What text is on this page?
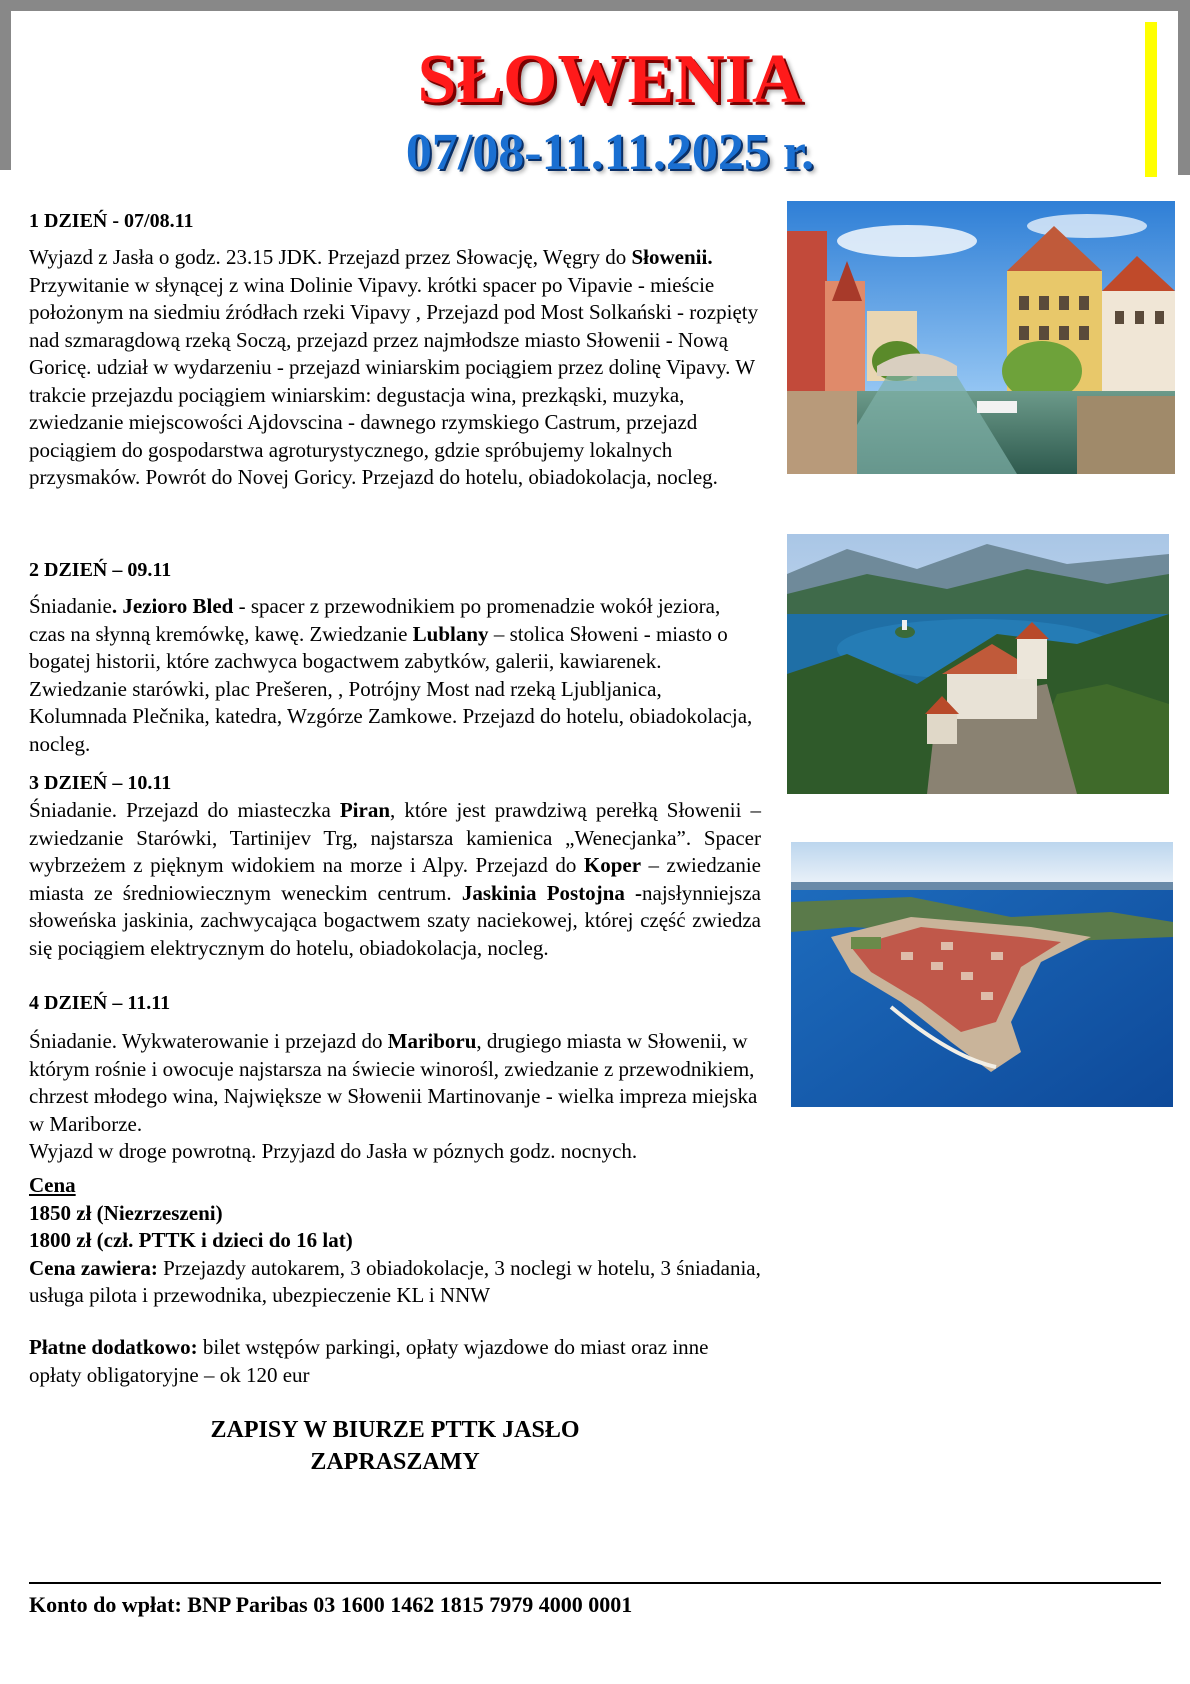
SŁOWENIA
07/08-11.11.2025 r.
1 DZIEŃ - 07/08.11
Wyjazd z Jasła o godz. 23.15 JDK. Przejazd przez Słowację, Węgry do Słowenii. Przywitanie w słynącej z wina Dolinie Vipavy. krótki spacer po Vipavie - mieście położonym na siedmiu źródłach rzeki Vipavy , Przejazd pod Most Solkański - rozpięty nad szmaragdową rzeką Soczą, przejazd przez najmłodsze miasto Słowenii - Nową Goricę. udział w wydarzeniu - przejazd winiarskim pociągiem przez dolinę Vipavy. W trakcie przejazdu pociągiem winiarskim: degustacja wina, prezkąski, muzyka, zwiedzanie miejscowości Ajdovscina - dawnego rzymskiego Castrum, przejazd pociągiem do gospodarstwa agroturystycznego, gdzie spróbujemy lokalnych przysmaków. Powrót do Novej Goricy. Przejazd do hotelu, obiadokolacja, nocleg.
2 DZIEŃ – 09.11
Śniadanie. Jezioro Bled - spacer z przewodnikiem po promenadzie wokół jeziora, czas na słynną kremówkę, kawę. Zwiedzanie Lublany – stolica Słoweni - miasto o bogatej historii, które zachwyca bogactwem zabytków, galerii, kawiarenek. Zwiedzanie starówki, plac Prešeren, , Potrójny Most nad rzeką Ljubljanica, Kolumnada Plečnika, katedra, Wzgórze Zamkowe. Przejazd do hotelu, obiadokolacja, nocleg.
3 DZIEŃ – 10.11
Śniadanie. Przejazd do miasteczka Piran, które jest prawdziwą perełką Słowenii –zwiedzanie Starówki, Tartinijev Trg, najstarsza kamienica „Wenecjanka”. Spacer wybrzeżem z pięknym widokiem na morze i Alpy. Przejazd do Koper – zwiedzanie miasta ze średniowiecznym weneckim centrum. Jaskinia Postojna -najsłynniejsza słoweńska jaskinia, zachwycająca bogactwem szaty naciekowej, której część zwiedza się pociągiem elektrycznym do hotelu, obiadokolacja, nocleg.
4 DZIEŃ – 11.11
Śniadanie. Wykwaterowanie i przejazd do Mariboru, drugiego miasta w Słowenii, w którym rośnie i owocuje najstarsza na świecie winorośl, zwiedzanie z przewodnikiem, chrzest młodego wina, Największe w Słowenii Martinovanje - wielka impreza miejska w Mariborze.
Wyjazd w droge powrotną. Przyjazd do Jasła w póznych godz. nocnych.
Cena
1850 zł (Niezrzeszeni)
1800 zł (czł. PTTK i dzieci do 16 lat)
Cena zawiera: Przejazdy autokarem, 3 obiadokolacje, 3 noclegi w hotelu, 3 śniadania, usługa pilota i przewodnika, ubezpieczenie KL i NNW
Płatne dodatkowo: bilet wstępów parkingi, opłaty wjazdowe do miast oraz inne opłaty obligatoryjne – ok 120 eur
ZAPISY W BIURZE PTTK JASŁO
ZAPRASZAMY
Konto do wpłat: BNP Paribas 03 1600 1462 1815 7979 4000 0001
